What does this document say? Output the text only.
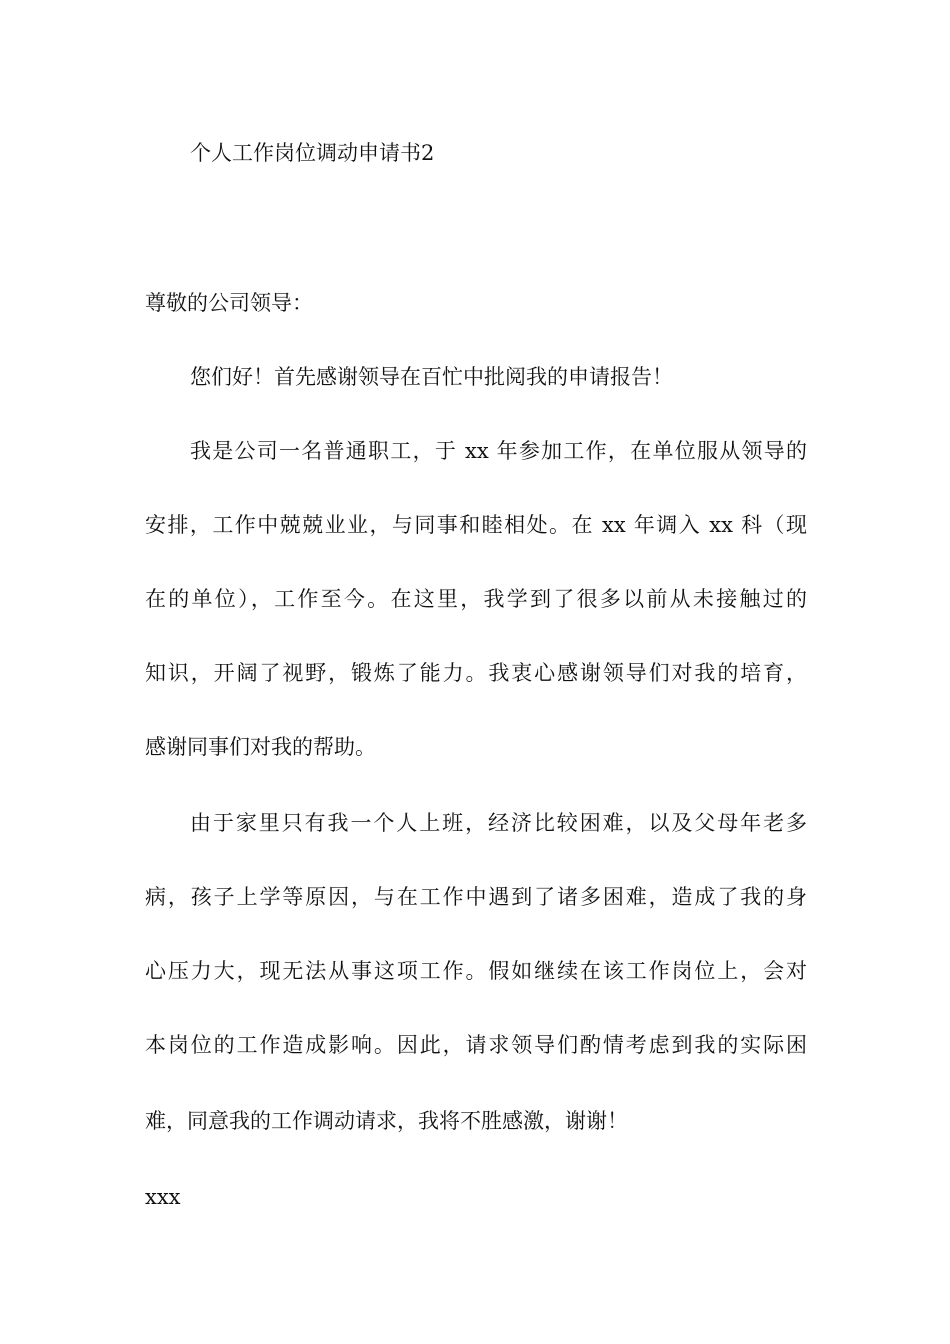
个人工作岗位调动申请书2
尊敬的公司领导：
您们好！首先感谢领导在百忙中批阅我的申请报告！
我是公司一名普通职工，于 xx 年参加工作，在单位服从领导的
安排，工作中兢兢业业，与同事和睦相处。在 xx 年调入 xx 科（现
在的单位），工作至今。在这里，我学到了很多以前从未接触过的
知识，开阔了视野，锻炼了能力。我衷心感谢领导们对我的培育，
感谢同事们对我的帮助。
由于家里只有我一个人上班，经济比较困难，以及父母年老多
病，孩子上学等原因，与在工作中遇到了诸多困难，造成了我的身
心压力大，现无法从事这项工作。假如继续在该工作岗位上，会对
本岗位的工作造成影响。因此，请求领导们酌情考虑到我的实际困
难，同意我的工作调动请求，我将不胜感激，谢谢！
xxx
